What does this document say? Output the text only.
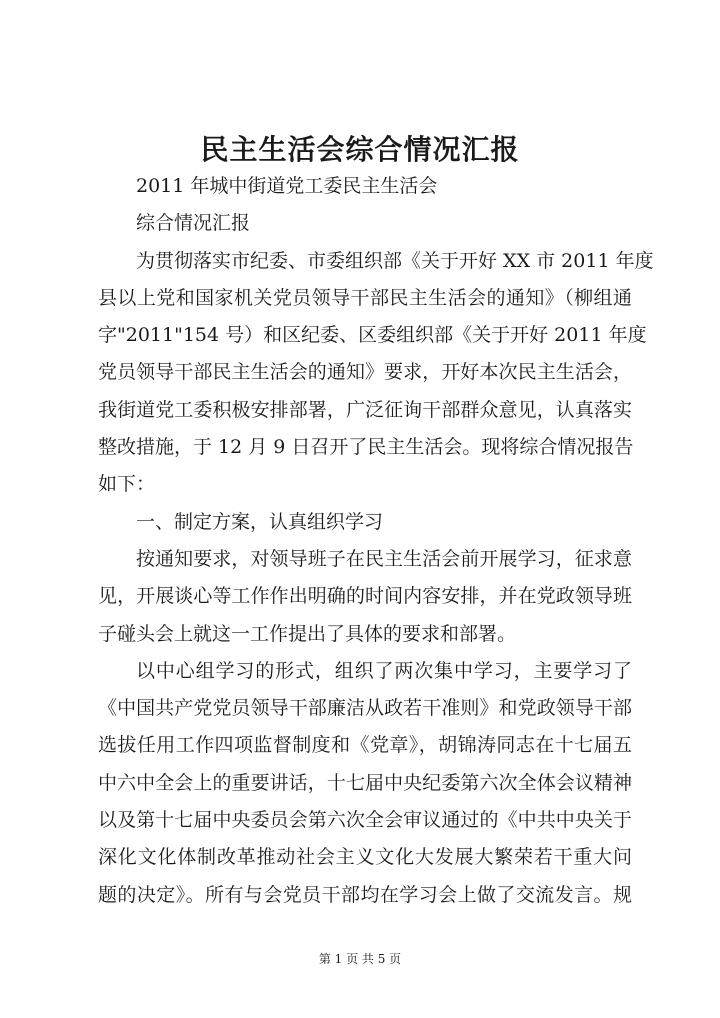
民主生活会综合情况汇报
2011 年城中街道党工委民主生活会
综合情况汇报
为贯彻落实市纪委、市委组织部《关于开好 XX 市 2011 年度
县以上党和国家机关党员领导干部民主生活会的通知》（柳组通
字"2011"154 号）和区纪委、区委组织部《关于开好 2011 年度
党员领导干部民主生活会的通知》要求，开好本次民主生活会，
我街道党工委积极安排部署，广泛征询干部群众意见，认真落实
整改措施，于 12 月 9 日召开了民主生活会。现将综合情况报告
如下：
一、制定方案，认真组织学习
按通知要求，对领导班子在民主生活会前开展学习，征求意
见，开展谈心等工作作出明确的时间内容安排，并在党政领导班
子碰头会上就这一工作提出了具体的要求和部署。
以中心组学习的形式，组织了两次集中学习，主要学习了
《中国共产党党员领导干部廉洁从政若干准则》和党政领导干部
选拔任用工作四项监督制度和《党章》，胡锦涛同志在十七届五
中六中全会上的重要讲话，十七届中央纪委第六次全体会议精神
以及第十七届中央委员会第六次全会审议通过的《中共中央关于
深化文化体制改革推动社会主义文化大发展大繁荣若干重大问
题的决定》。所有与会党员干部均在学习会上做了交流发言。规
第 1 页 共 5 页
